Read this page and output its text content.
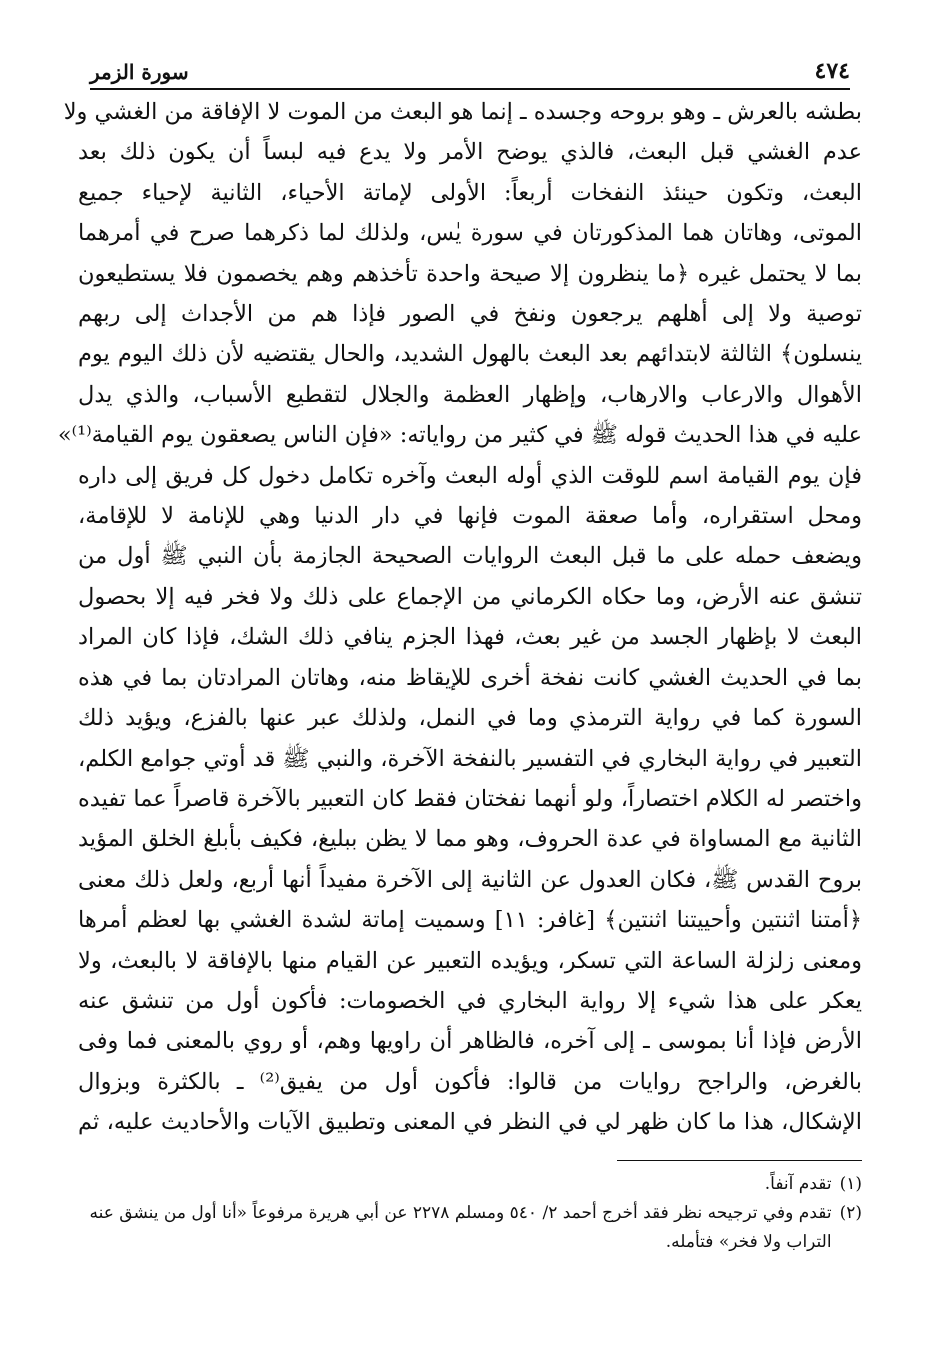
٤٧٤
سورة الزمر
بطشه بالعرش ـ وهو بروحه وجسده ـ إنما هو البعث من الموت لا الإفاقة من الغشي ولا
عدم الغشي قبل البعث، فالذي يوضح الأمر ولا يدع فيه لبساً أن يكون ذلك بعد
البعث، وتكون حينئذ النفخات أربعاً: الأولى لإماتة الأحياء، الثانية لإحياء جميع
الموتى، وهاتان هما المذكورتان في سورة يٰس، ولذلك لما ذكرهما صرح في أمرهما
بما لا يحتمل غيره ﴿ما ينظرون إلا صيحة واحدة تأخذهم وهم يخصمون فلا يستطيعون
توصية ولا إلى أهلهم يرجعون ونفخ في الصور فإذا هم من الأجداث إلى ربهم
ينسلون﴾ الثالثة لابتدائهم بعد البعث بالهول الشديد، والحال يقتضيه لأن ذلك اليوم يوم
الأهوال والارعاب والارهاب، وإظهار العظمة والجلال لتقطيع الأسباب، والذي يدل
عليه في هذا الحديث قوله ﷺ في كثير من رواياته: «فإن الناس يصعقون يوم القيامة⁽¹⁾»
فإن يوم القيامة اسم للوقت الذي أوله البعث وآخره تكامل دخول كل فريق إلى داره
ومحل استقراره، وأما صعقة الموت فإنها في دار الدنيا وهي للإنامة لا للإقامة،
ويضعف حمله على ما قبل البعث الروايات الصحيحة الجازمة بأن النبي ﷺ أول من
تنشق عنه الأرض، وما حكاه الكرماني من الإجماع على ذلك ولا فخر فيه إلا بحصول
البعث لا بإظهار الجسد من غير بعث، فهذا الجزم ينافي ذلك الشك، فإذا كان المراد
بما في الحديث الغشي كانت نفخة أخرى للإيقاظ منه، وهاتان المرادتان بما في هذه
السورة كما في رواية الترمذي وما في النمل، ولذلك عبر عنها بالفزع، ويؤيد ذلك
التعبير في رواية البخاري في التفسير بالنفخة الآخرة، والنبي ﷺ قد أوتي جوامع الكلم،
واختصر له الكلام اختصاراً، ولو أنهما نفختان فقط كان التعبير بالآخرة قاصراً عما تفيده
الثانية مع المساواة في عدة الحروف، وهو مما لا يظن ببليغ، فكيف بأبلغ الخلق المؤيد
بروح القدس ﷺ، فكان العدول عن الثانية إلى الآخرة مفيداً أنها أربع، ولعل ذلك معنى
﴿أمتنا اثنتين وأحييتنا اثنتين﴾ [غافر: ١١] وسميت إماتة لشدة الغشي بها لعظم أمرها
ومعنى زلزلة الساعة التي تسكر، ويؤيده التعبير عن القيام منها بالإفاقة لا بالبعث، ولا
يعكر على هذا شيء إلا رواية البخاري في الخصومات: فأكون أول من تنشق عنه
الأرض فإذا أنا بموسى ـ إلى آخره، فالظاهر أن راويها وهم، أو روي بالمعنى فما وفى
بالغرض، والراجح روايات من قالوا: فأكون أول من يفيق⁽²⁾ ـ بالكثرة وبزوال
الإشكال، هذا ما كان ظهر لي في النظر في المعنى وتطبيق الآيات والأحاديث عليه، ثم
(١)
تقدم آنفاً.
(٢)
تقدم وفي ترجيحه نظر فقد أخرج أحمد ٢/ ٥٤٠ ومسلم ٢٢٧٨ عن أبي هريرة مرفوعاً «أنا أول من ينشق عنه التراب ولا فخر» فتأمله.
